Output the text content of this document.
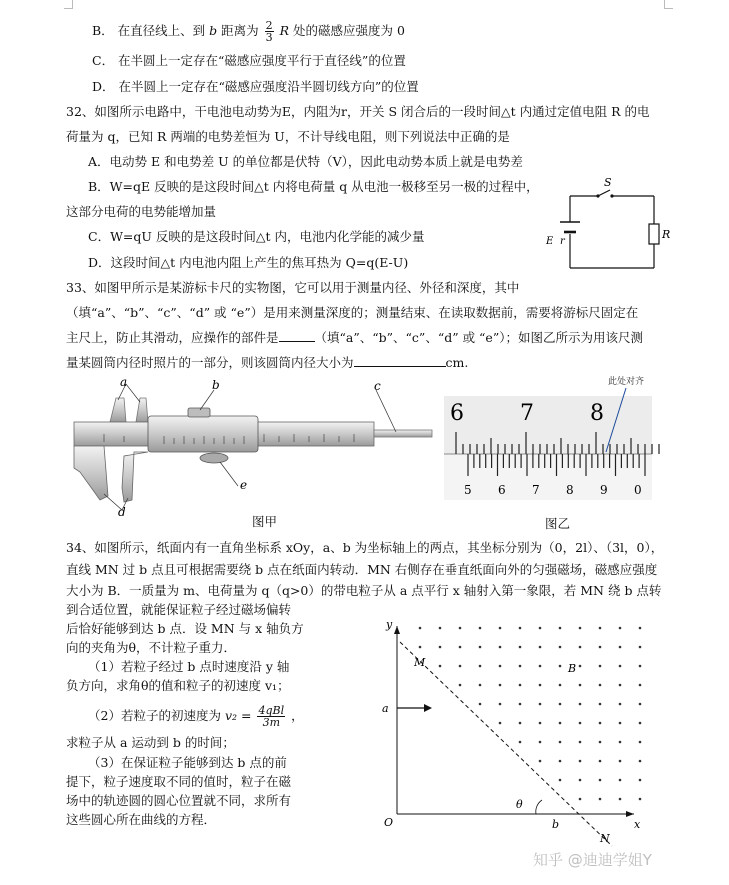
B． 在直径线上、到 b 距离为 $\frac{2}{3}$ R 处的磁感应强度为 0
C． 在半圆上一定存在“磁感应强度平行于直径线”的位置
D． 在半圆上一定存在“磁感应强度沿半圆切线方向”的位置
32、如图所示电路中，干电池电动势为E，内阻为r，开关 S 闭合后的一段时间△t 内通过定值电阻 R 的电
荷量为 q，已知 R 两端的电势差恒为 U，不计导线电阻，则下列说法中正确的是
A．电动势 E 和电势差 U 的单位都是伏特（V），因此电动势本质上就是电势差
B．W=qE 反映的是这段时间△t 内将电荷量 q 从电池一极移至另一极的过程中，
这部分电荷的电势能增加量
C．W=qU 反映的是这段时间△t 内，电池内化学能的减少量
D．这段时间△t 内电池内阻上产生的焦耳热为 Q=q(E-U)
S
R
E r
33、如图甲所示是某游标卡尺的实物图，它可以用于测量内径、外径和深度，其中
（填“a”、“b”、“c”、“d” 或 “e”）是用来测量深度的；测量结束、在读取数据前，需要将游标尺固定在
主尺上，防止其滑动，应操作的部件是	（填“a”、“b”、“c”、“d” 或 “e”）；如图乙所示为用该尺测
量某圆筒内径时照片的一部分，则该圆筒内径大小为	cm.
a	b	c
d
e
图甲
6	7	8
5 6 7 8 9 0
此处对齐
图乙
34、如图所示，纸面内有一直角坐标系 xOy，a、b 为坐标轴上的两点，其坐标分别为（0，2l）、（3l，0），
直线 MN 过 b 点且可根据需要绕 b 点在纸面内转动．MN 右侧存在垂直纸面向外的匀强磁场，磁感应强度
大小为 B．一质量为 m、电荷量为 q（q>0）的带电粒子从 a 点平行 x 轴射入第一象限，若 MN 绕 b 点转
到合适位置，就能保证粒子经过磁场偏转
后恰好能够到达 b 点．设 MN 与 x 轴负方
向的夹角为θ，不计粒子重力．
（1）若粒子经过 b 点时速度沿 y 轴
负方向，求角θ的值和粒子的初速度 v₁；
（2）若粒子的初速度为 $v_2 = \frac{\text{4qBl}}{3m}$ ，
求粒子从 a 运动到 b 的时间；
（3）在保证粒子能够到达 b 点的前
提下，粒子速度取不同的值时，粒子在磁
场中的轨迹圆的圆心位置就不同，求所有
这些圆心所在曲线的方程．
y
x
O
M
N
B
a
b
θ
知乎 @迪迪学姐Y
